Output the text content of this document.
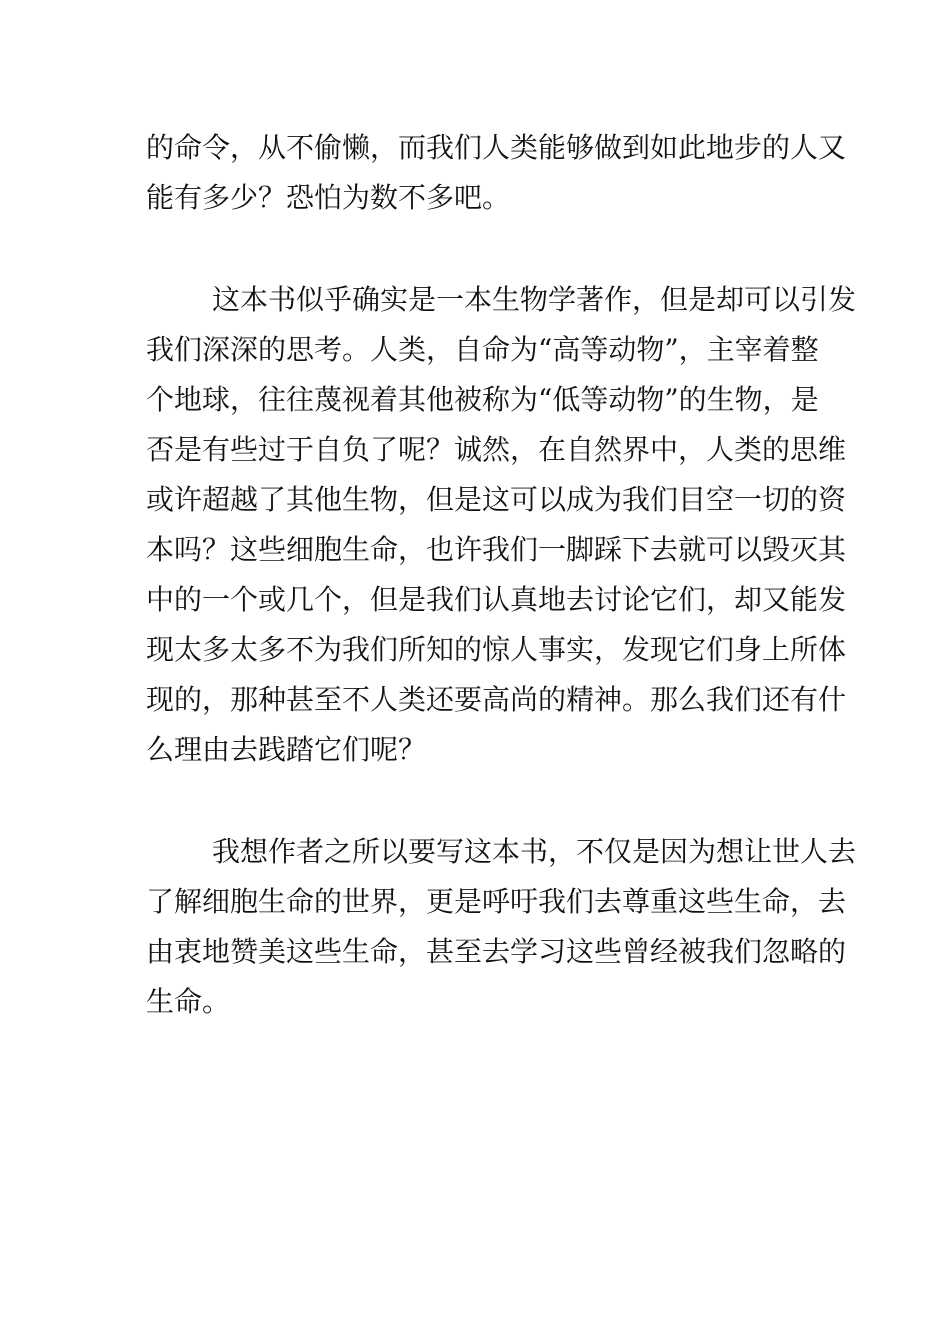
的命令，从不偷懒，而我们人类能够做到如此地步的人又
能有多少？恐怕为数不多吧。
这本书似乎确实是一本生物学著作，但是却可以引发
我们深深的思考。人类，自命为“高等动物”，主宰着整
个地球，往往蔑视着其他被称为“低等动物”的生物，是
否是有些过于自负了呢？诚然，在自然界中，人类的思维
或许超越了其他生物，但是这可以成为我们目空一切的资
本吗？这些细胞生命，也许我们一脚踩下去就可以毁灭其
中的一个或几个，但是我们认真地去讨论它们，却又能发
现太多太多不为我们所知的惊人事实，发现它们身上所体
现的，那种甚至不人类还要高尚的精神。那么我们还有什
么理由去践踏它们呢？
我想作者之所以要写这本书，不仅是因为想让世人去
了解细胞生命的世界，更是呼吁我们去尊重这些生命，去
由衷地赞美这些生命，甚至去学习这些曾经被我们忽略的
生命。
